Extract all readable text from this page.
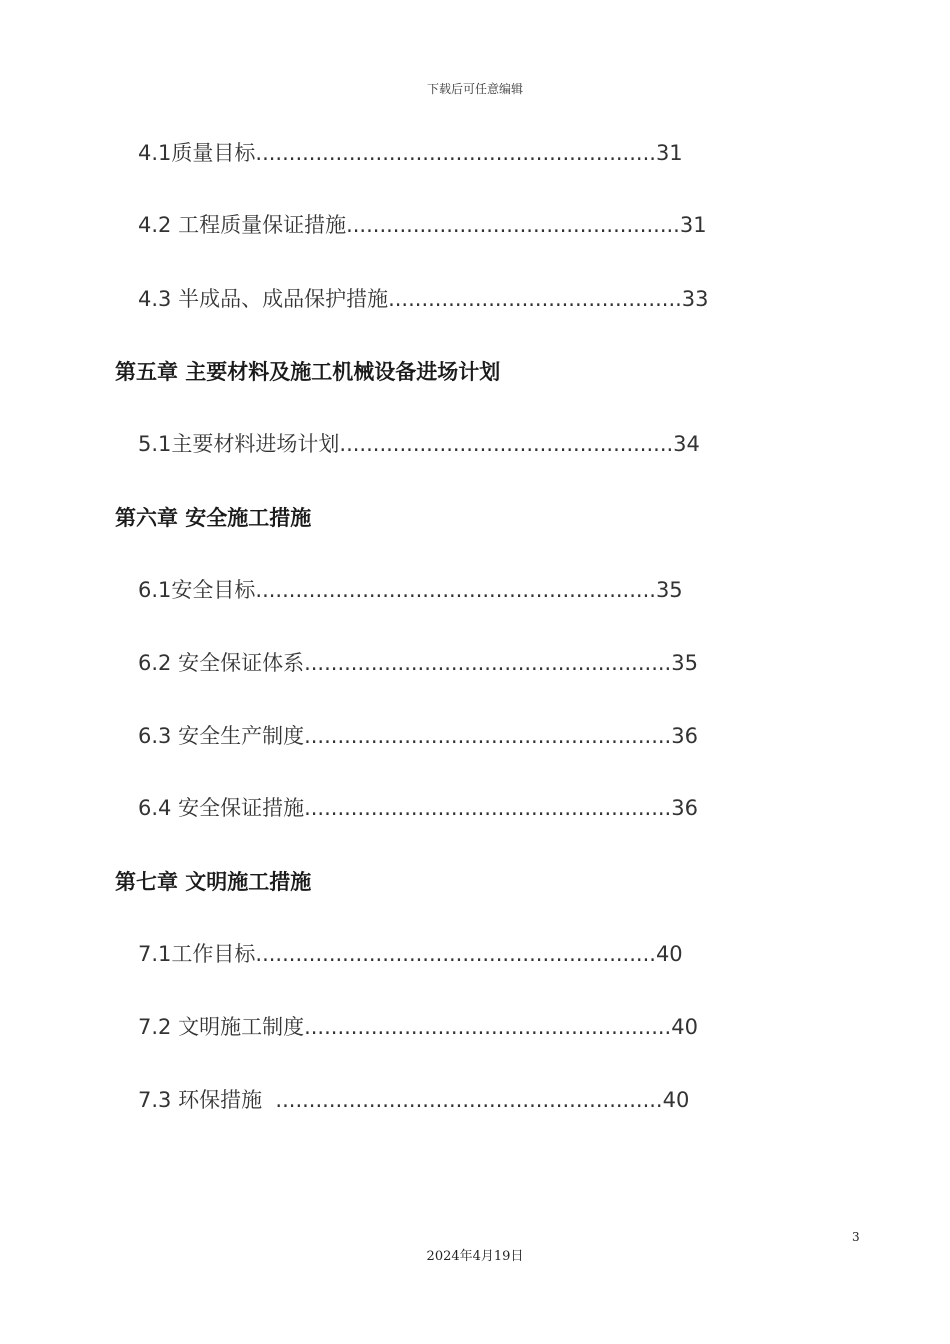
下载后可任意编辑
4.1质量目标............................................................31
4.2 工程质量保证措施..................................................31
4.3 半成品、成品保护措施............................................33
第五章 主要材料及施工机械设备进场计划
5.1主要材料进场计划..................................................34
第六章 安全施工措施
6.1安全目标............................................................35
6.2 安全保证体系.......................................................35
6.3 安全生产制度.......................................................36
6.4 安全保证措施.......................................................36
第七章 文明施工措施
7.1工作目标............................................................40
7.2 文明施工制度.......................................................40
7.3 环保措施  ..........................................................40
3
2024年4月19日
